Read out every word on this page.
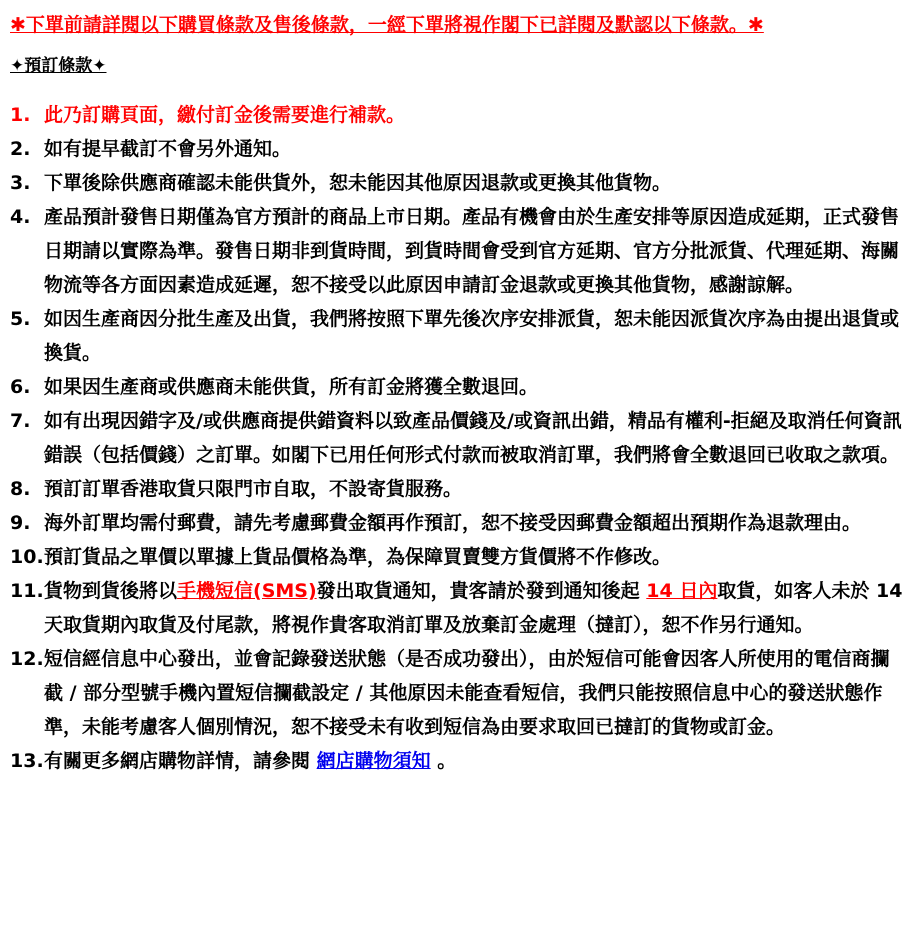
✱下單前請詳閱以下購買條款及售後條款，一經下單將視作閣下已詳閱及默認以下條款。✱
✦預訂條款✦
1. 此乃訂購頁面，繳付訂金後需要進行補款。
2. 如有提早截訂不會另外通知。
3. 下單後除供應商確認未能供貨外，恕未能因其他原因退款或更換其他貨物。
4. 產品預計發售日期僅為官方預計的商品上市日期。產品有機會由於生產安排等原因造成延期，正式發售日期請以實際為準。發售日期非到貨時間，到貨時間會受到官方延期、官方分批派貨、代理延期、海關物流等各方面因素造成延遲，恕不接受以此原因申請訂金退款或更換其他貨物，感謝諒解。
5. 如因生產商因分批生產及出貨，我們將按照下單先後次序安排派貨，恕未能因派貨次序為由提出退貨或換貨。
6. 如果因生產商或供應商未能供貨，所有訂金將獲全數退回。
7. 如有出現因錯字及/或供應商提供錯資料以致產品價錢及/或資訊出錯，精品有權利-拒絕及取消任何資訊錯誤（包括價錢）之訂單。如閣下已用任何形式付款而被取消訂單，我們將會全數退回已收取之款項。
8. 預訂訂單香港取貨只限門市自取，不設寄貨服務。
9. 海外訂單均需付郵費，請先考慮郵費金額再作預訂，恕不接受因郵費金額超出預期作為退款理由。
10. 預訂貨品之單價以單據上貨品價格為準，為保障買賣雙方貨價將不作修改。
11. 貨物到貨後將以手機短信(SMS)發出取貨通知，貴客請於發到通知後起 14 日內取貨，如客人未於 14 天取貨期內取貨及付尾款，將視作貴客取消訂單及放棄訂金處理（撻訂），恕不作另行通知。
12. 短信經信息中心發出，並會記錄發送狀態（是否成功發出），由於短信可能會因客人所使用的電信商攔截 / 部分型號手機內置短信攔截設定 / 其他原因未能查看短信，我們只能按照信息中心的發送狀態作準，未能考慮客人個別情況，恕不接受未有收到短信為由要求取回已撻訂的貨物或訂金。
13. 有關更多網店購物詳情，請參閱 網店購物須知 。
